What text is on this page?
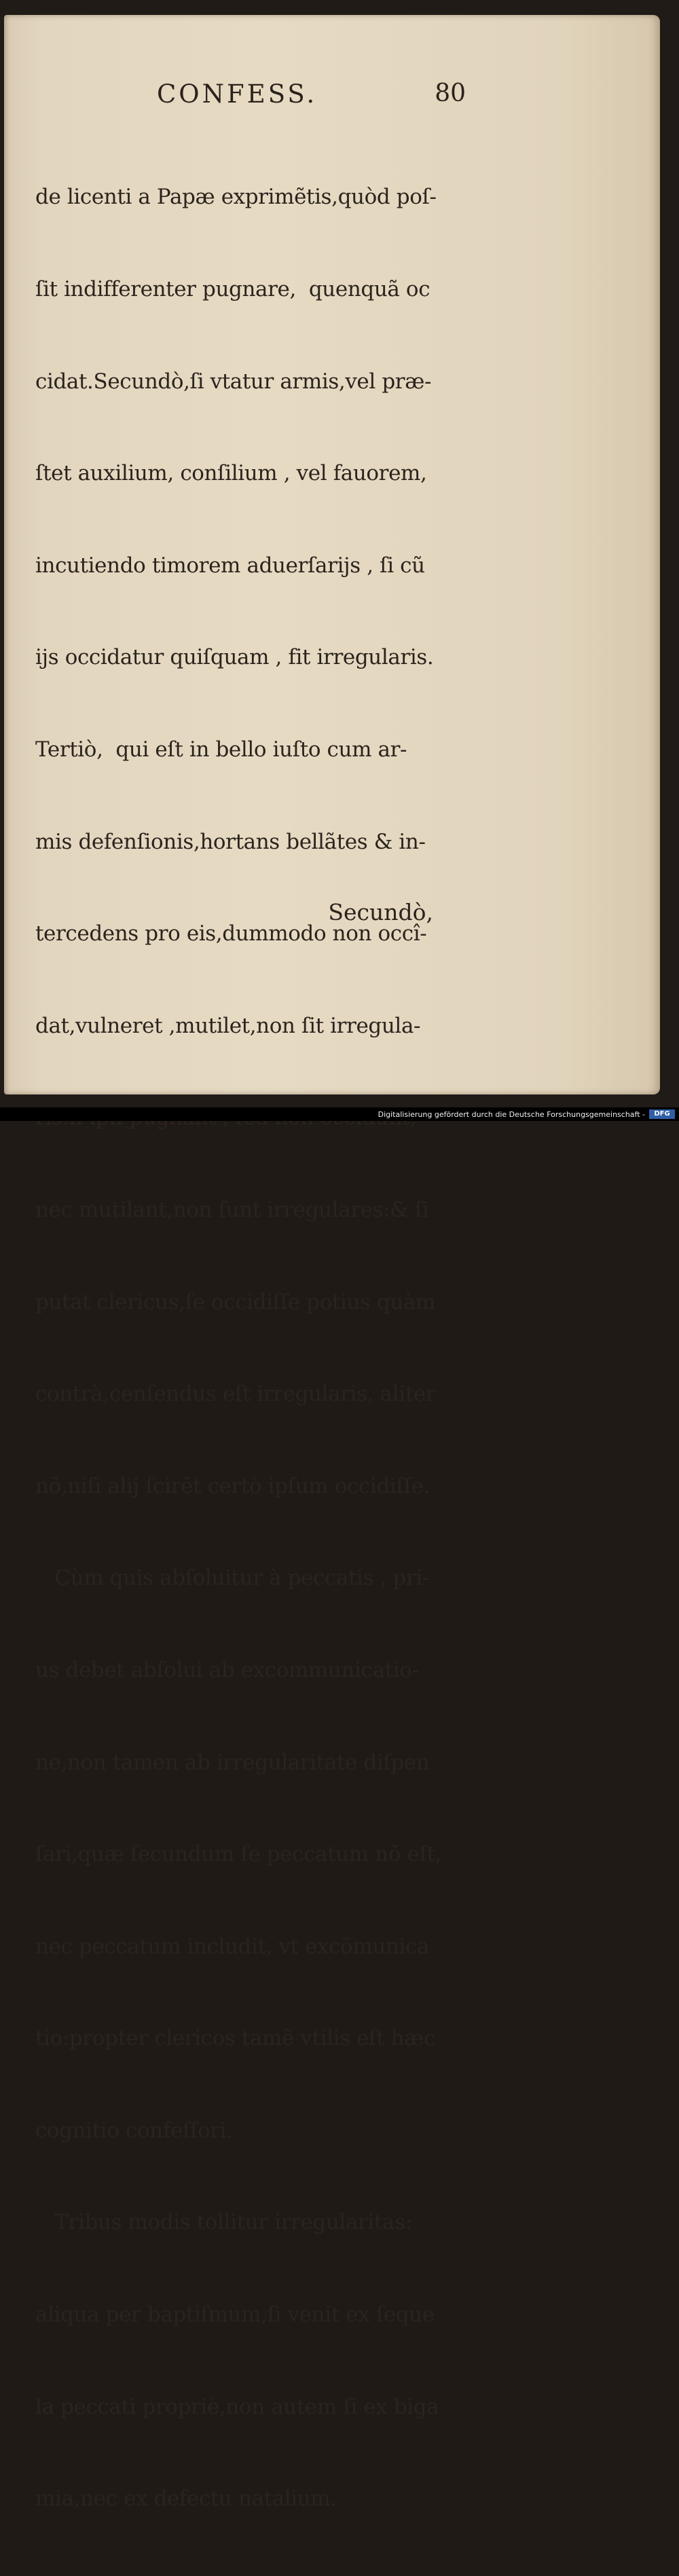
CONFESS.	80

de licenti a Papæ exprimẽtis,quòd poſ-

ſit indiffe​renter pugnare,  quenquã oc

cidat.Secundò,ſi vtatur armis,vel præ-

ſtet auxilium, conſilium , vel fauorem,

incutiendo timorem aduerſarijs , ſi cũ

ijs occidatur quiſquam , fit irregularis.

Tertiò,  qui eſt in bello iuſto cum ar-

mis defenſionis,hortans bellãtes & in-

tercedens pro eis,dummodo non occî-

dat,vulneret ,mutilet,non ſit irregula-

nec mutilant,non ſunt irregulares:& ſi

putat clericus,ſe occidiſſe potius quàm

contrà,cenſendus eſt irregularis, aliter

nõ,niſi alij ſcirẽt certò ipſum occidiſſe.

Cùm quis abſoluitur à peccatis , pri-

us debet abſolui ab excommunicatio-

ne,non tamen ab irregularitate diſpen

ſari,quæ ſecundum ſe peccatum nõ eſt,

nec peccatum includit, vt excõmunica

tio:propter clericos tamẽ vtilis eſt hæc

cognitio confeſſori.

Tribus modis tollitur irregularitas:

aliqua per baptiſmum,ſi venit ex ſeque

la peccati propriè,non autem ſi ex biga

mia,nec ex defectu natalium.

Secundò,
Digitalisierung gefördert durch die Deutsche Forschungsgemeinschaft -	DFG
